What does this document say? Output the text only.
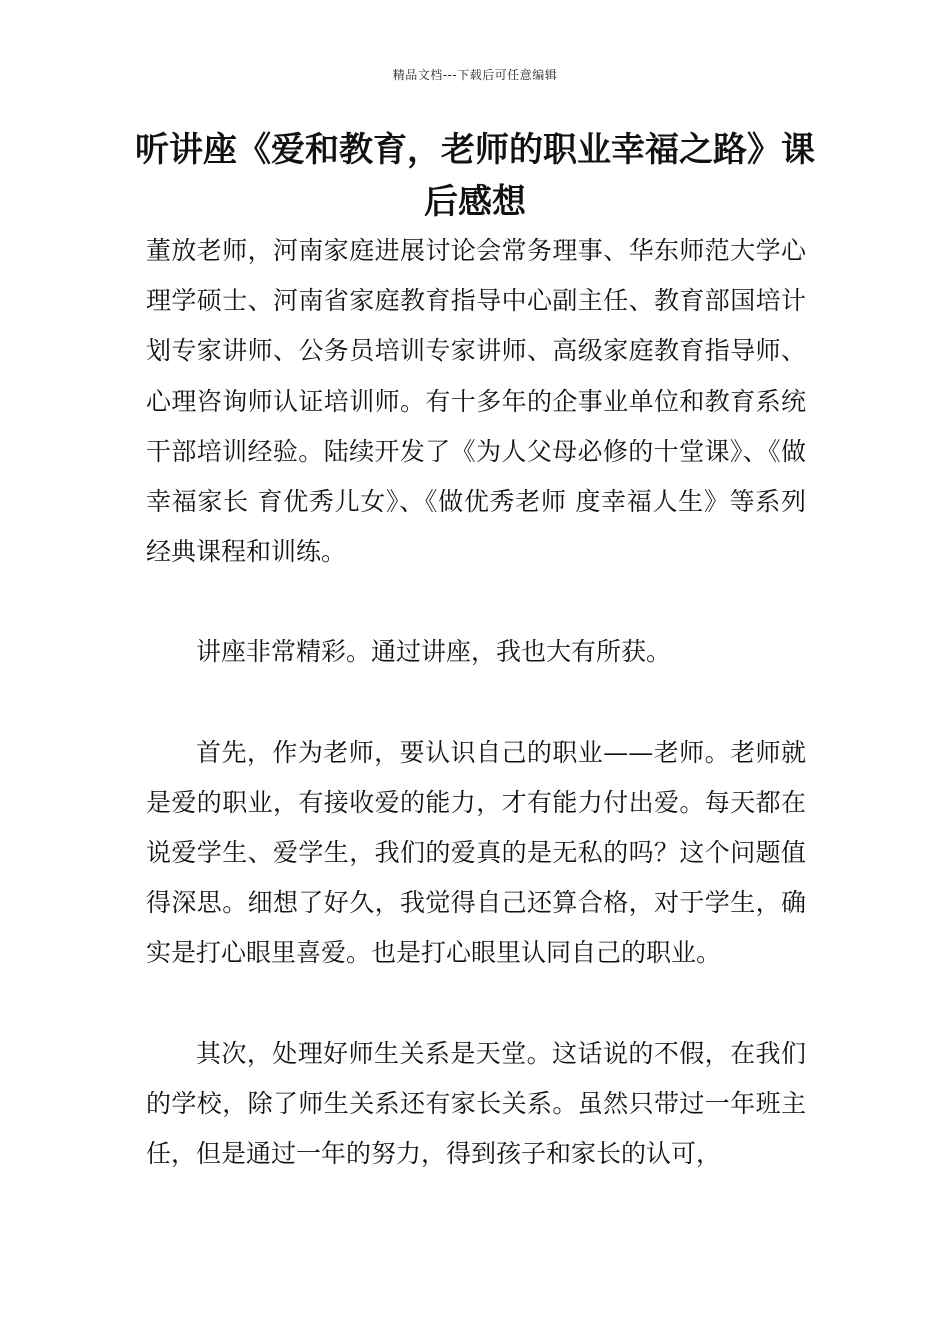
精品文档---下载后可任意编辑
听讲座《爱和教育，老师的职业幸福之路》课后感想

董放老师，河南家庭进展讨论会常务理事、华东师范大学心理学硕士、河南省家庭教育指导中心副主任、教育部国培计划专家讲师、公务员培训专家讲师、高级家庭教育指导师、心理咨询师认证培训师。有十多年的企事业单位和教育系统干部培训经验。陆续开发了《为人父母必修的十堂课》、《做幸福家长 育优秀儿女》、《做优秀老师 度幸福人生》等系列经典课程和训练。

讲座非常精彩。通过讲座，我也大有所获。

首先，作为老师，要认识自己的职业——老师。老师就是爱的职业，有接收爱的能力，才有能力付出爱。每天都在说爱学生、爱学生，我们的爱真的是无私的吗？这个问题值得深思。细想了好久，我觉得自己还算合格，对于学生，确实是打心眼里喜爱。也是打心眼里认同自己的职业。

其次，处理好师生关系是天堂。这话说的不假，在我们的学校，除了师生关系还有家长关系。虽然只带过一年班主任，但是通过一年的努力，得到孩子和家长的认可，
